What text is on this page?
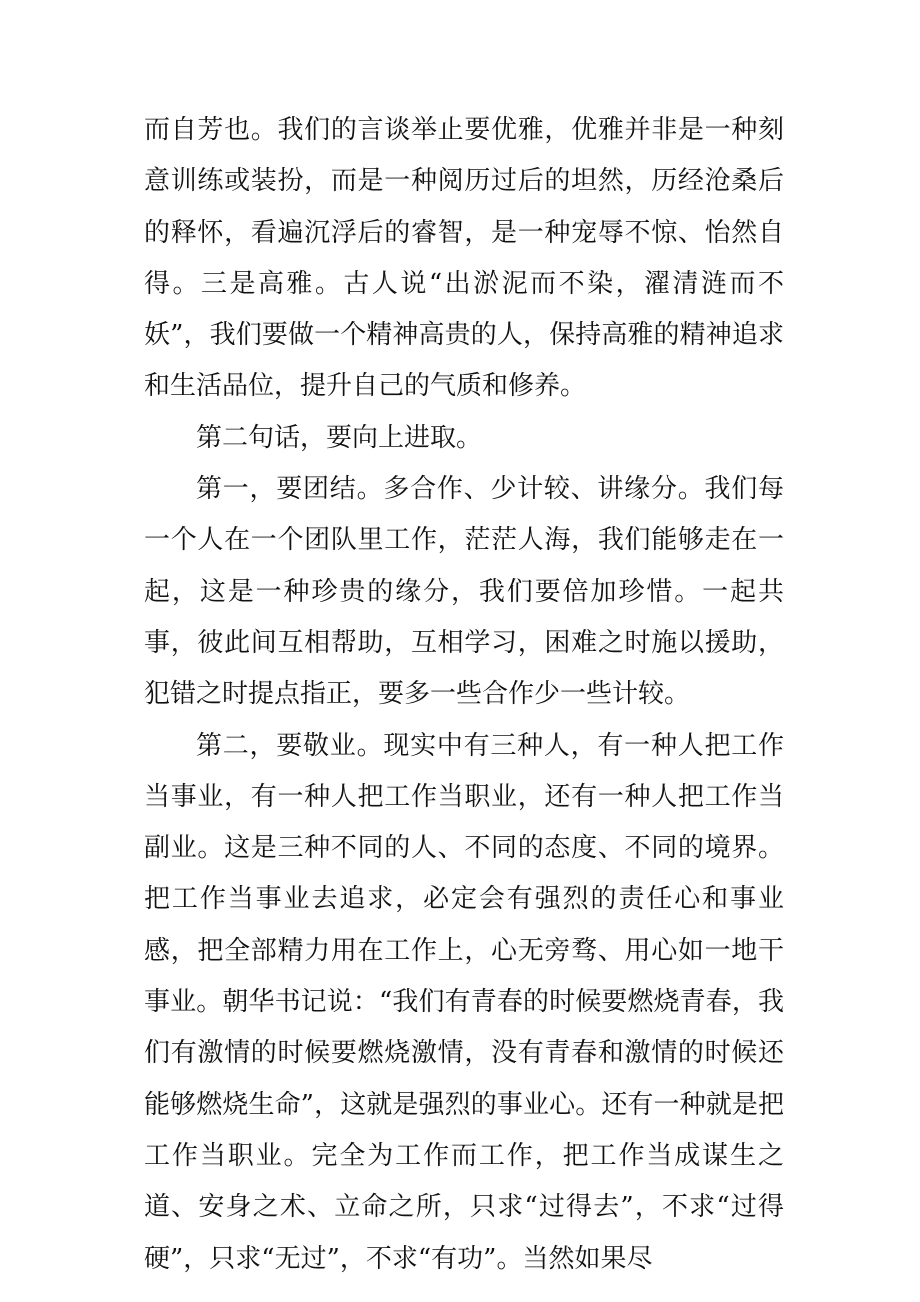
而自芳也。我们的言谈举止要优雅，优雅并非是一种刻意训练或装扮，而是一种阅历过后的坦然，历经沧桑后的释怀，看遍沉浮后的睿智，是一种宠辱不惊、怡然自得。三是高雅。古人说“出淤泥而不染，濯清涟而不妖”，我们要做一个精神高贵的人，保持高雅的精神追求和生活品位，提升自己的气质和修养。

第二句话，要向上进取。

第一，要团结。多合作、少计较、讲缘分。我们每一个人在一个团队里工作，茫茫人海，我们能够走在一起，这是一种珍贵的缘分，我们要倍加珍惜。一起共事，彼此间互相帮助，互相学习，困难之时施以援助，犯错之时提点指正，要多一些合作少一些计较。

第二，要敬业。现实中有三种人，有一种人把工作当事业，有一种人把工作当职业，还有一种人把工作当副业。这是三种不同的人、不同的态度、不同的境界。把工作当事业去追求，必定会有强烈的责任心和事业感，把全部精力用在工作上，心无旁骛、用心如一地干事业。朝华书记说：“我们有青春的时候要燃烧青春，我们有激情的时候要燃烧激情，没有青春和激情的时候还能够燃烧生命”，这就是强烈的事业心。还有一种就是把工作当职业。完全为工作而工作，把工作当成谋生之道、安身之术、立命之所，只求“过得去”，不求“过得硬”，只求“无过”，不求“有功”。当然如果尽
